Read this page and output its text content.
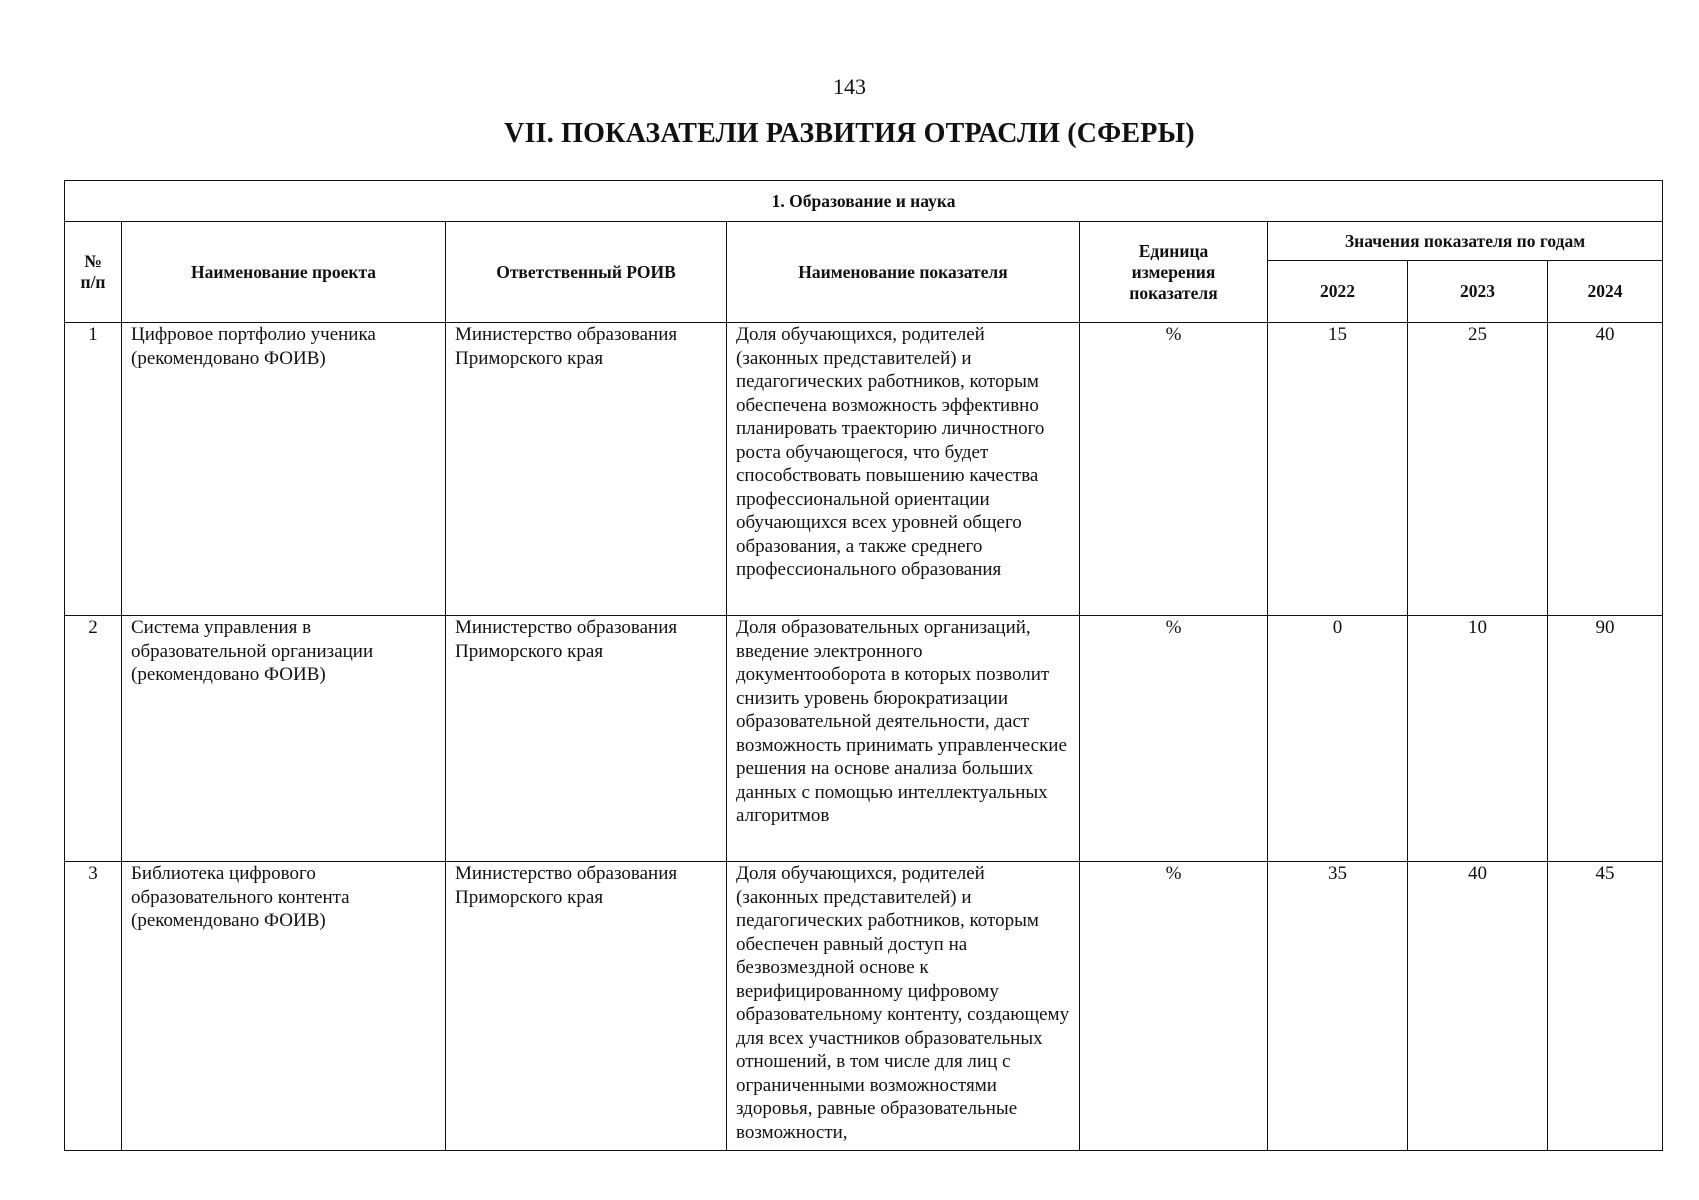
143
VII. ПОКАЗАТЕЛИ РАЗВИТИЯ ОТРАСЛИ (СФЕРЫ)
1. Образование и наука							
№
п/п	Наименование проекта	Ответственный РОИВ	Наименование показателя	Единица измерения показателя	Значения показателя по годам		
					2022	2023	2024
1	Цифровое портфолио ученика (рекомендовано ФОИВ)	Министерство образования Приморского края	Доля обучающихся, родителей (законных представителей) и педагогических работников, которым обеспечена возможность эффективно планировать траекторию личностного роста обучающегося, что будет способствовать повышению качества профессиональной ориентации обучающихся всех уровней общего образования, а также среднего профессионального образования	%	15	25	40
2	Система управления в образовательной организации (рекомендовано ФОИВ)	Министерство образования Приморского края	Доля образовательных организаций, введение электронного документооборота в которых позволит снизить уровень бюрократизации образовательной деятельности, даст возможность принимать управленческие решения на основе анализа больших данных с помощью интеллектуальных алгоритмов	%	0	10	90
3	Библиотека цифрового образовательного контента (рекомендовано ФОИВ)	Министерство образования Приморского края	Доля обучающихся, родителей (законных представителей) и педагогических работников, которым обеспечен равный доступ на безвозмездной основе к верифицированному цифровому образовательному контенту, создающему для всех участников образовательных отношений, в том числе для лиц с ограниченными возможностями здоровья, равные образовательные возможности,	%	35	40	45
